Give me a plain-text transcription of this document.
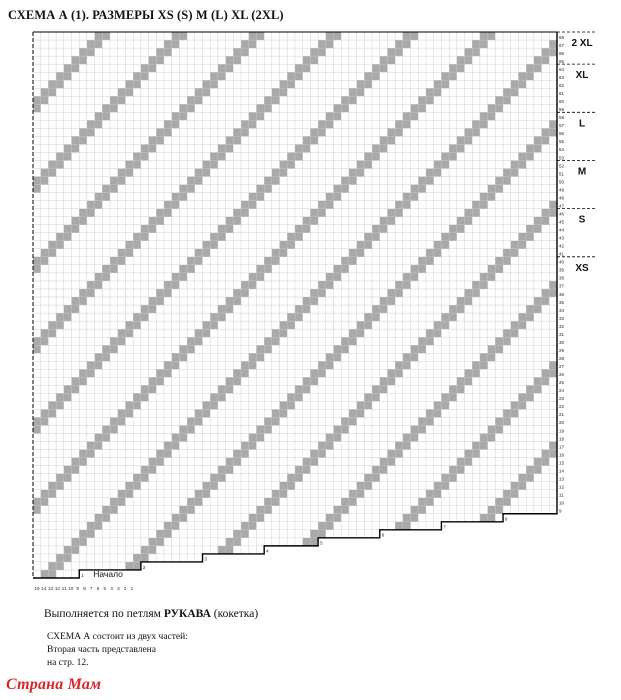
СХЕМА А (1). РАЗМЕРЫ XS (S) M (L) XL (2XL)
1
2
3
4
5
6
7
8
9
10
11
12
13
14
15
16
17
18
19
20
21
22
23
24
25
26
27
28
29
30
31
32
33
34
35
36
37
38
39
40
41
42
43
44
45
46
47
48
49
50
51
52
53
54
55
56
57
58
59
60
61
62
63
64
65
66
67
68
2 XL
XL
L
M
S
XS
19 14 13 12 11 10 9 8 7 6 5 4 3 2 1
Начало
Выполняется по петлям РУКАВА (кокетка)
СХЕМА А состоит из двух частей:
Вторая часть представлена
на стр. 12.
Страна Мам
